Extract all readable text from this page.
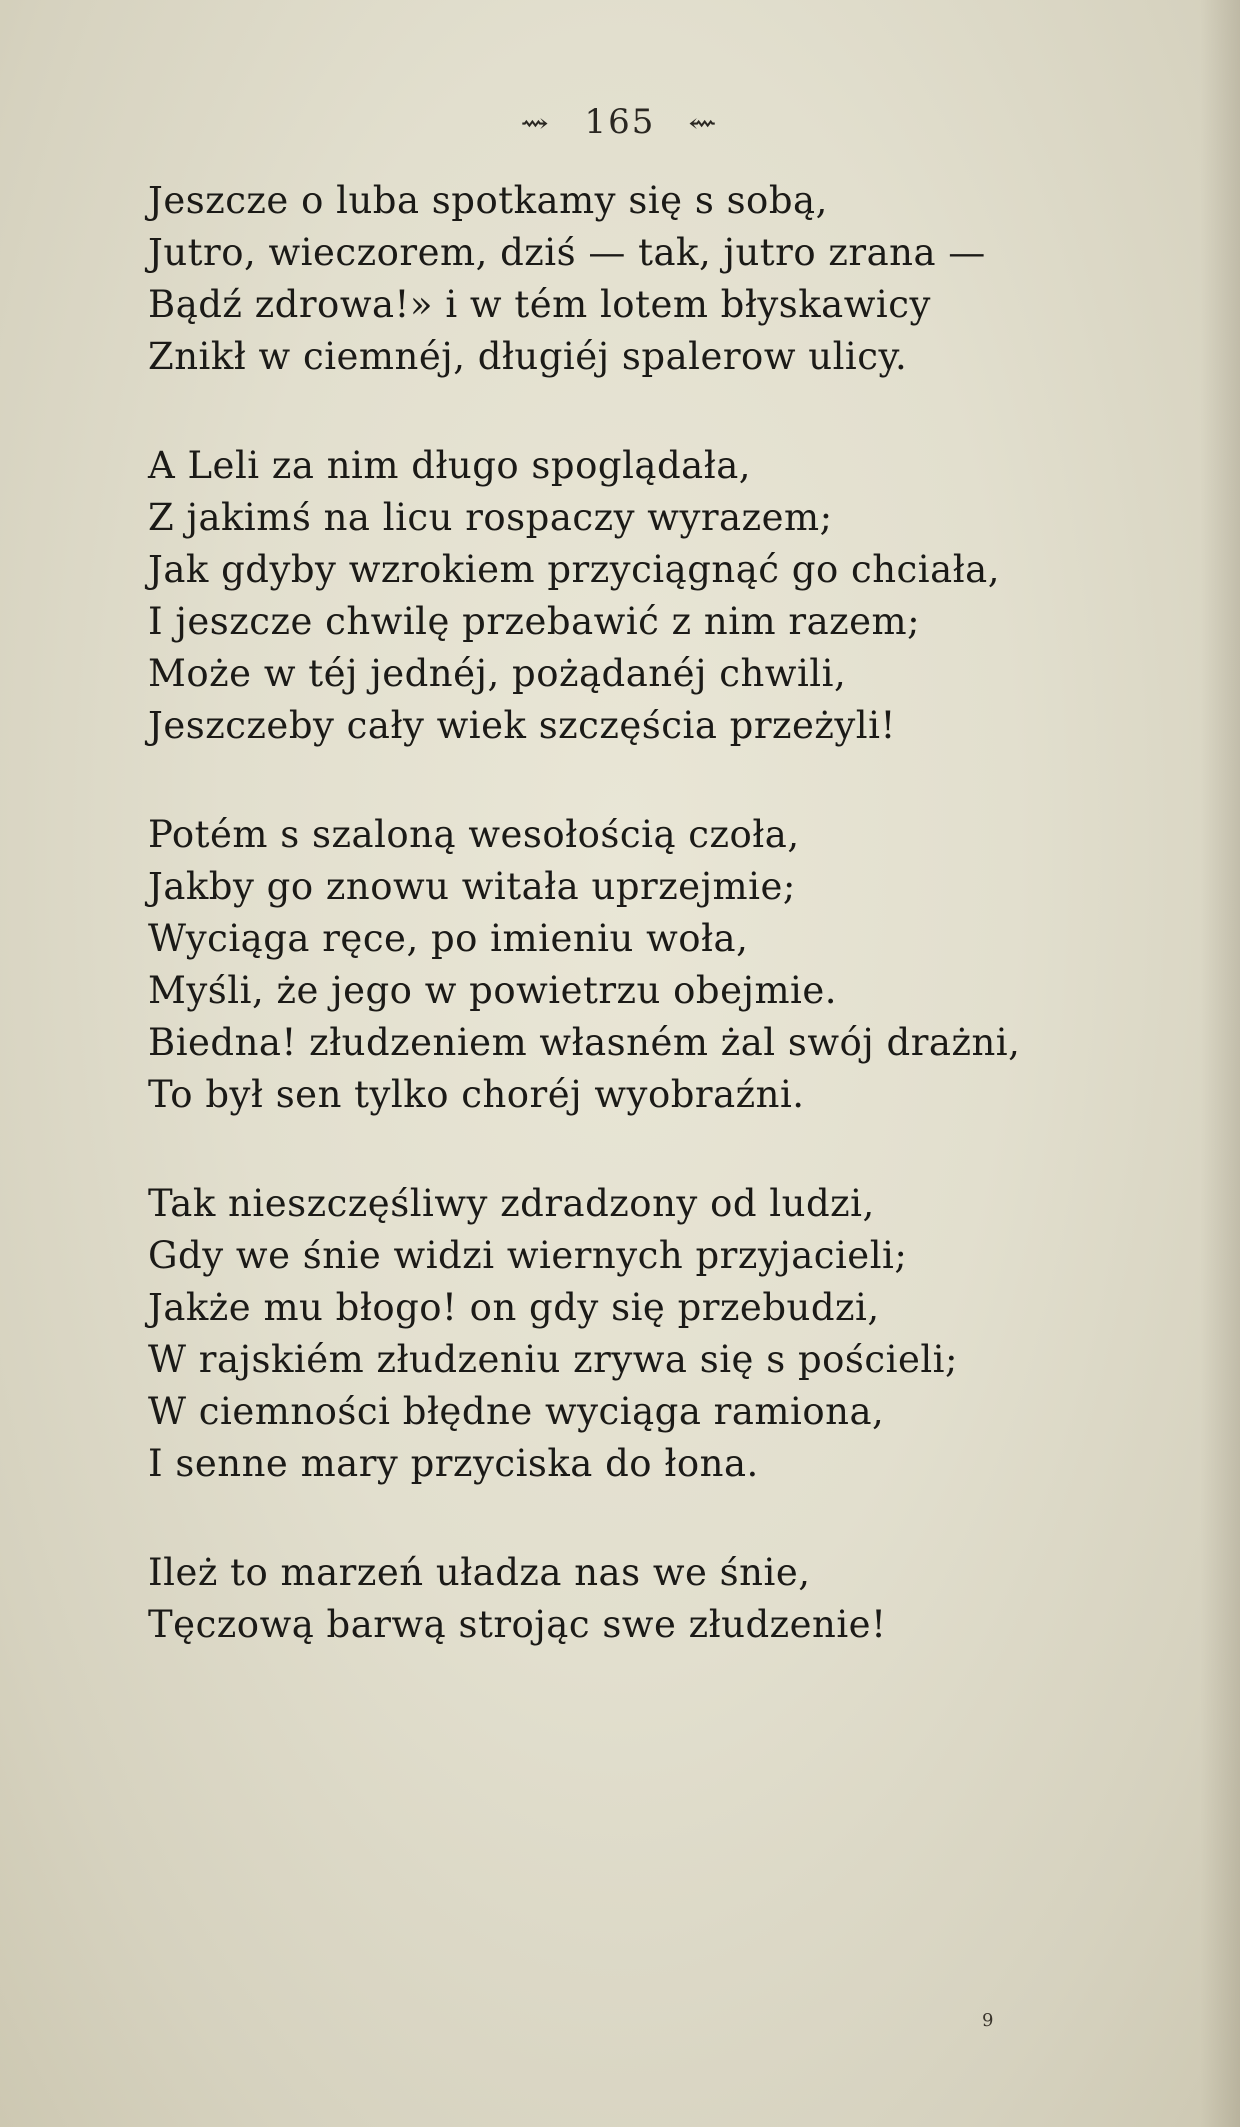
⇝ 165 ⇜
Jeszcze o luba spotkamy się s sobą,
Jutro, wieczorem, dziś — tak, jutro zrana —
Bądź zdrowa!» i w tém lotem błyskawicy
Znikł w ciemnéj, długiéj spalerow ulicy.
A Leli za nim długo spoglądała,
Z jakimś na licu rospaczy wyrazem;
Jak gdyby wzrokiem przyciągnąć go chciała,
I jeszcze chwilę przebawić z nim razem;
Może w téj jednéj, pożądanéj chwili,
Jeszczeby cały wiek szczęścia przeżyli!
Potém s szaloną wesołością czoła,
Jakby go znowu witała uprzejmie;
Wyciąga ręce, po imieniu woła,
Myśli, że jego w powietrzu obejmie.
Biedna! złudzeniem własném żal swój drażni,
To był sen tylko choréj wyobraźni.
Tak nieszczęśliwy zdradzony od ludzi,
Gdy we śnie widzi wiernych przyjacieli;
Jakże mu błogo! on gdy się przebudzi,
W rajskiém złudzeniu zrywa się s pościeli;
W ciemności błędne wyciąga ramiona,
I senne mary przyciska do łona.
Ileż to marzeń uładza nas we śnie,
Tęczową barwą strojąc swe złudzenie!
9
